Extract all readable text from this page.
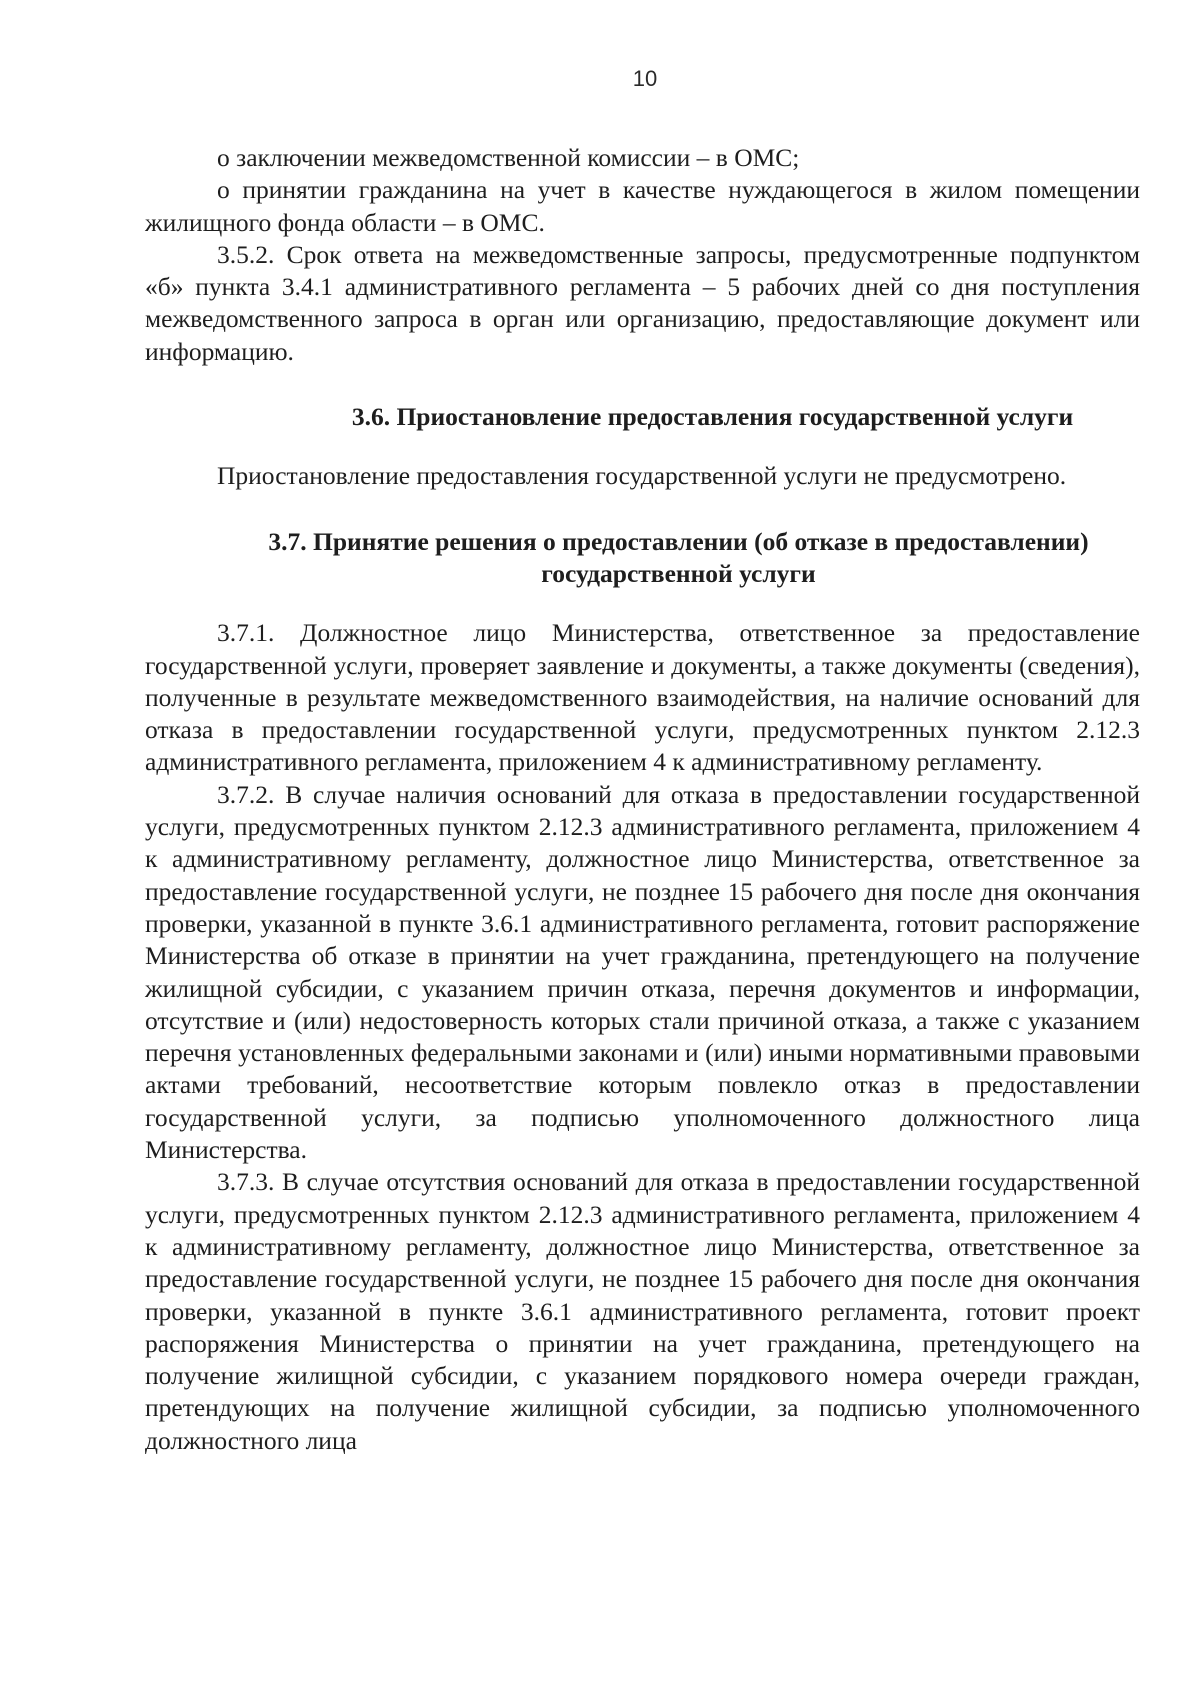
10

о заключении межведомственной комиссии – в ОМС;

о принятии гражданина на учет в качестве нуждающегося в жилом помещении жилищного фонда области – в ОМС.

3.5.2. Срок ответа на межведомственные запросы, предусмотренные подпунктом «б» пункта 3.4.1 административного регламента – 5 рабочих дней со дня поступления межведомственного запроса в орган или организацию, предоставляющие документ или информацию.

3.6. Приостановление предоставления государственной услуги

Приостановление предоставления государственной услуги не предусмотрено.

3.7. Принятие решения о предоставлении (об отказе в предоставлении) государственной услуги

3.7.1. Должностное лицо Министерства, ответственное за предоставление государственной услуги, проверяет заявление и документы, а также документы (сведения), полученные в результате межведомственного взаимодействия, на наличие оснований для отказа в предоставлении государственной услуги, предусмотренных пунктом 2.12.3 административного регламента, приложением 4 к административному регламенту.

3.7.2. В случае наличия оснований для отказа в предоставлении государственной услуги, предусмотренных пунктом 2.12.3 административного регламента, приложением 4 к административному регламенту, должностное лицо Министерства, ответственное за предоставление государственной услуги, не позднее 15 рабочего дня после дня окончания проверки, указанной в пункте 3.6.1 административного регламента, готовит распоряжение Министерства об отказе в принятии на учет гражданина, претендующего на получение жилищной субсидии, с указанием причин отказа, перечня документов и информации, отсутствие и (или) недостоверность которых стали причиной отказа, а также с указанием перечня установленных федеральными законами и (или) иными нормативными правовыми актами требований, несоответствие которым повлекло отказ в предоставлении государственной услуги, за подписью уполномоченного должностного лица Министерства.

3.7.3. В случае отсутствия оснований для отказа в предоставлении государственной услуги, предусмотренных пунктом 2.12.3 административного регламента, приложением 4 к административному регламенту, должностное лицо Министерства, ответственное за предоставление государственной услуги, не позднее 15 рабочего дня после дня окончания проверки, указанной в пункте 3.6.1 административного регламента, готовит проект распоряжения Министерства о принятии на учет гражданина, претендующего на получение жилищной субсидии, с указанием порядкового номера очереди граждан, претендующих на получение жилищной субсидии, за подписью уполномоченного должностного лица
